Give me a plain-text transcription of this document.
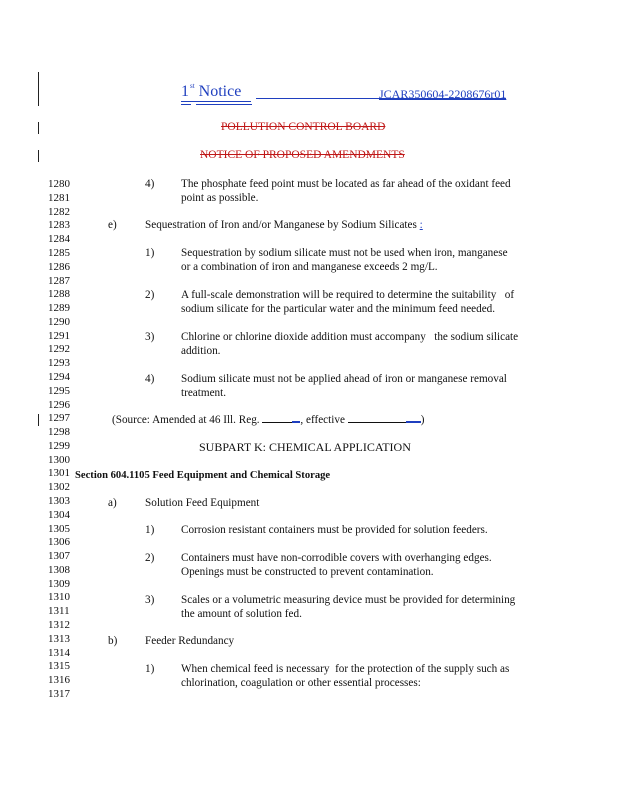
1st Notice	JCAR350604-2208676r01
POLLUTION CONTROL BOARD
NOTICE OF PROPOSED AMENDMENTS
1280
1281
1282
1283
1284
1285
1286
1287
1288
1289
1290
1291
1292
1293
1294
1295
1296
1297
1298
1299
1300
1301
1302
1303
1304
1305
1306
1307
1308
1309
1310
1311
1312
1313
1314
1315
1316
1317
4) The phosphate feed point must be located as far ahead of the oxidant feed
point as possible.
e)	Sequestration of Iron and/or Manganese by Sodium Silicates :
1) Sequestration by sodium silicate must not be used when iron, manganese
or a combination of iron and manganese exceeds 2 mg/L.
2) A full-scale demonstration will be required to determine the suitability   of
sodium silicate for the particular water and the minimum feed needed.
3) Chlorine or chlorine dioxide addition must accompany   the sodium silicate
addition.
4) Sodium silicate must not be applied ahead of iron or manganese removal
treatment.
(Source: Amended at 46 Ill. Reg.	, effective	)
SUBPART K: CHEMICAL APPLICATION
Section 604.1105 Feed Equipment and Chemical Storage
a)	Solution Feed Equipment
1) Corrosion resistant containers must be provided for solution feeders.
2) Containers must have non-corrodible covers with overhanging edges.
Openings must be constructed to prevent contamination.
3) Scales or a volumetric measuring device must be provided for determining
the amount of solution fed.
b) Feeder Redundancy
1) When chemical feed is necessary  for the protection of the supply such as
chlorination, coagulation or other essential processes:
